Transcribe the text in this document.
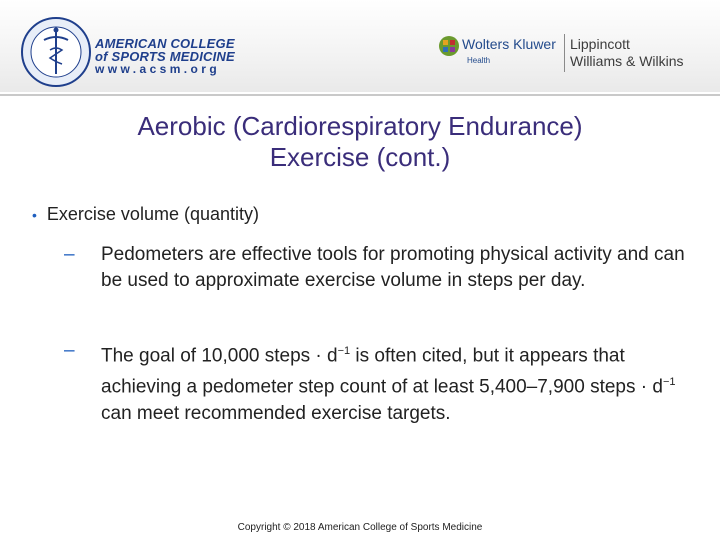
AMERICAN COLLEGE
of SPORTS MEDICINE
www.acsm.org
Wolters Kluwer
Health
Lippincott
Williams & Wilkins
Aerobic (Cardiorespiratory Endurance)
Exercise (cont.)
• Exercise volume (quantity)
– Pedometers are effective tools for promoting physical activity and can be used to approximate exercise volume in steps per day.
– The goal of 10,000 steps · $d^{-1}$ is often cited, but it appears that achieving a pedometer step count of at least 5,400–7,900 steps · $d^{-1}$ can meet recommended exercise targets.
Copyright © 2018 American College of Sports Medicine
